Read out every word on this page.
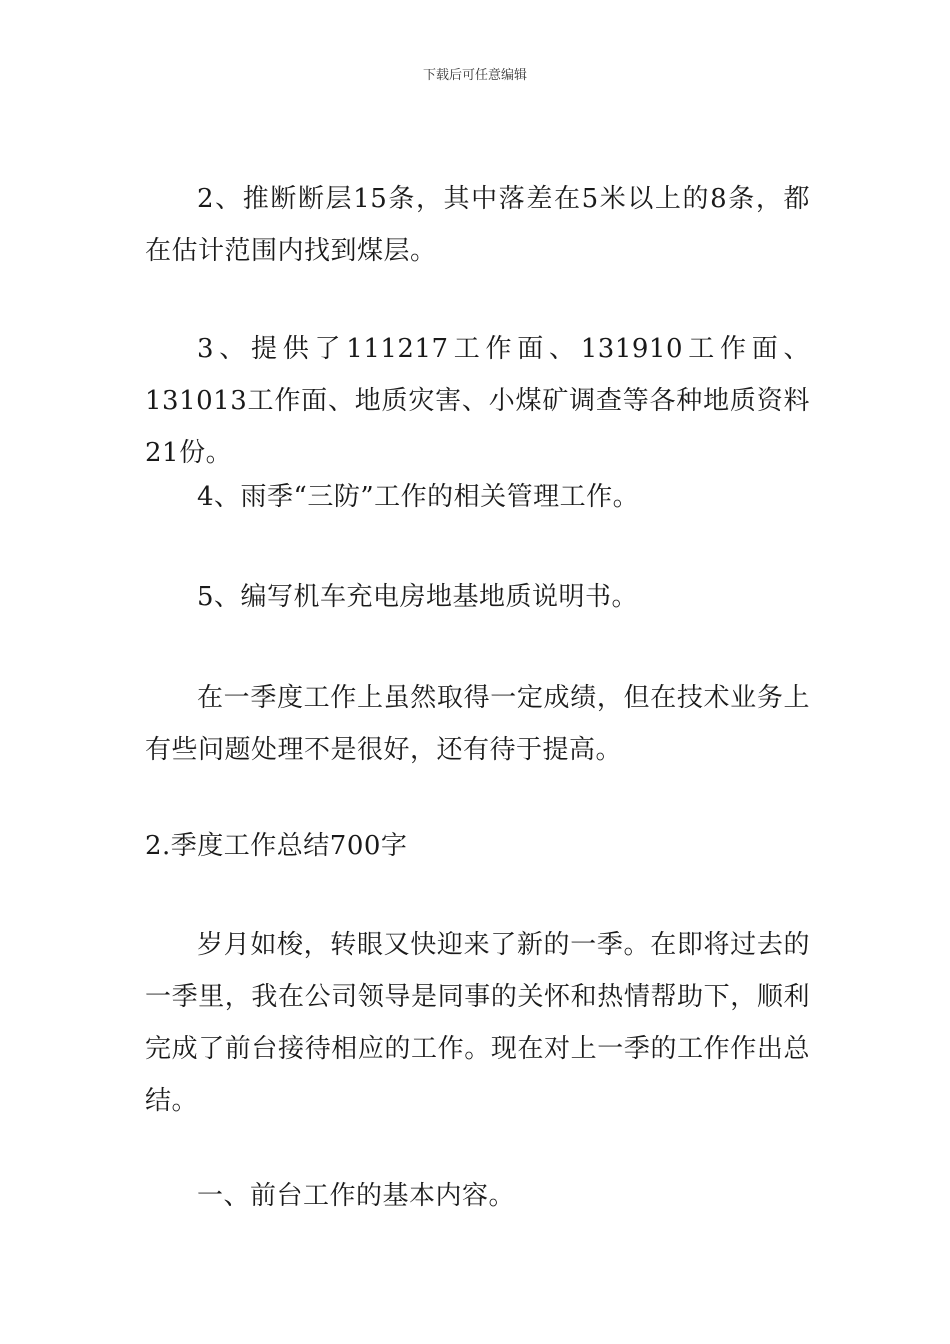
下载后可任意编辑

2、推断断层15条，其中落差在5米以上的8条，都在估计范围内找到煤层。

3、提供了111217工作面、131910工作面、131013工作面、地质灾害、小煤矿调查等各种地质资料21份。

4、雨季“三防”工作的相关管理工作。

5、编写机车充电房地基地质说明书。

在一季度工作上虽然取得一定成绩，但在技术业务上有些问题处理不是很好，还有待于提高。

2.季度工作总结700字

岁月如梭，转眼又快迎来了新的一季。在即将过去的一季里，我在公司领导是同事的关怀和热情帮助下，顺利完成了前台接待相应的工作。现在对上一季的工作作出总结。

一、前台工作的基本内容。
